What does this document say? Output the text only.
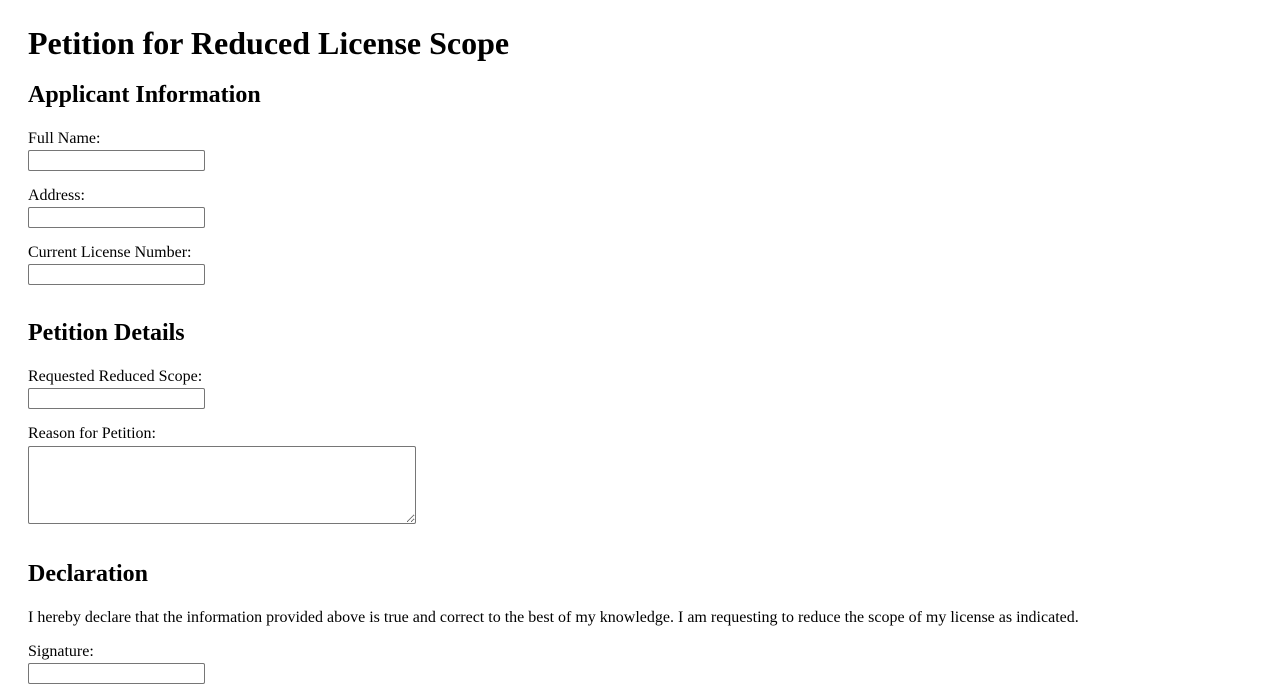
Petition for Reduced License Scope
Applicant Information
Full Name:
Address:
Current License Number:
Petition Details
Requested Reduced Scope:
Reason for Petition:
Declaration

I hereby declare that the information provided above is true and correct to the best of my knowledge. I am requesting to reduce the scope of my license as indicated.

Signature:
